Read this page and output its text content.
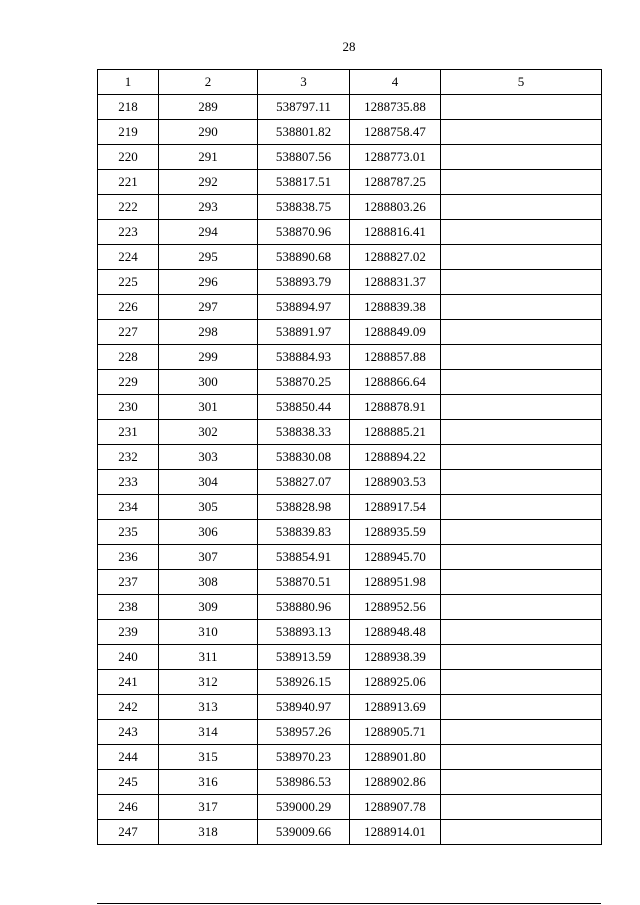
28
1	2	3	4	5
218	289	538797.11	1288735.88	
219	290	538801.82	1288758.47	
220	291	538807.56	1288773.01	
221	292	538817.51	1288787.25	
222	293	538838.75	1288803.26	
223	294	538870.96	1288816.41	
224	295	538890.68	1288827.02	
225	296	538893.79	1288831.37	
226	297	538894.97	1288839.38	
227	298	538891.97	1288849.09	
228	299	538884.93	1288857.88	
229	300	538870.25	1288866.64	
230	301	538850.44	1288878.91	
231	302	538838.33	1288885.21	
232	303	538830.08	1288894.22	
233	304	538827.07	1288903.53	
234	305	538828.98	1288917.54	
235	306	538839.83	1288935.59	
236	307	538854.91	1288945.70	
237	308	538870.51	1288951.98	
238	309	538880.96	1288952.56	
239	310	538893.13	1288948.48	
240	311	538913.59	1288938.39	
241	312	538926.15	1288925.06	
242	313	538940.97	1288913.69	
243	314	538957.26	1288905.71	
244	315	538970.23	1288901.80	
245	316	538986.53	1288902.86	
246	317	539000.29	1288907.78	
247	318	539009.66	1288914.01	
